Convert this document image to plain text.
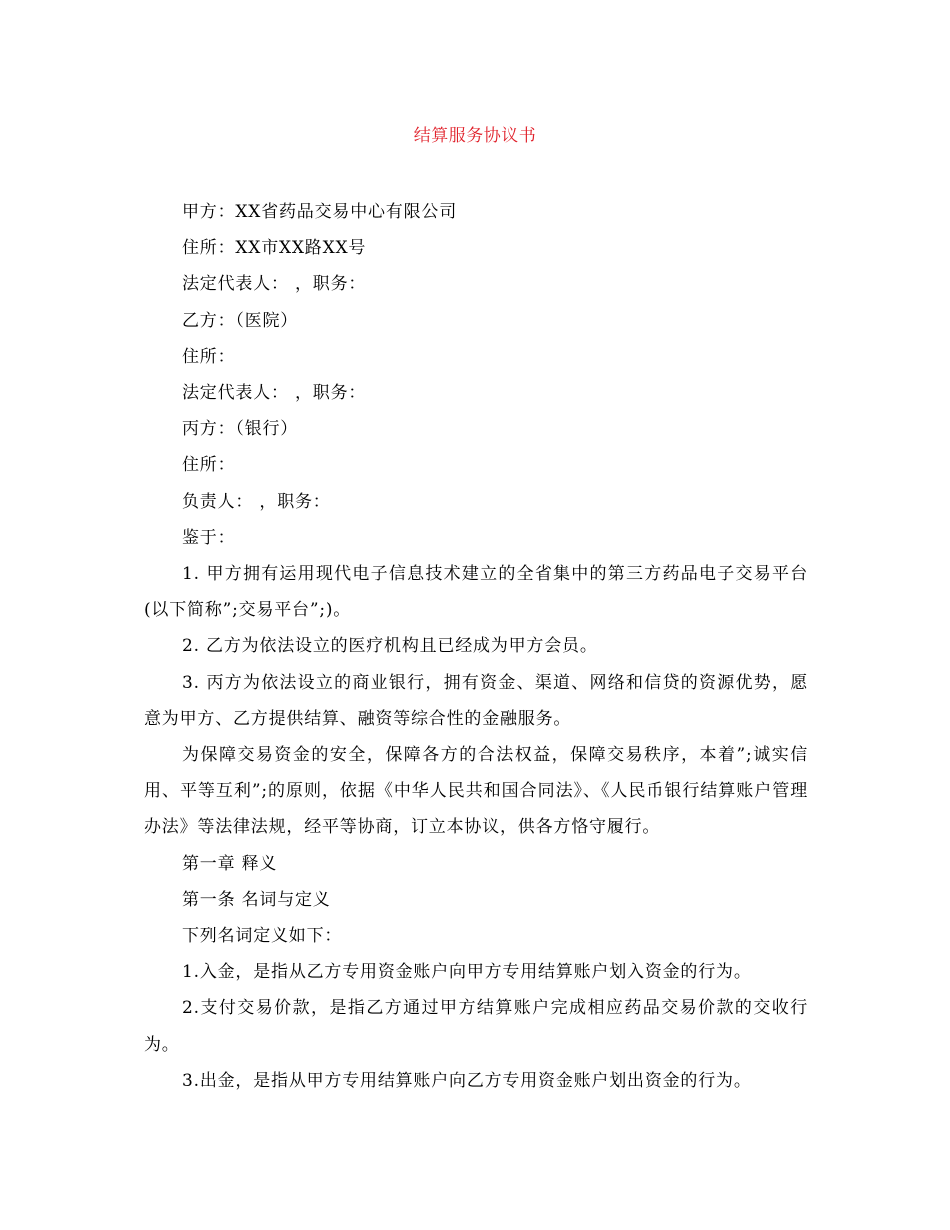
结算服务协议书

甲方：XX省药品交易中心有限公司

住所：XX市XX路XX号

法定代表人： ，职务：

乙方：（医院）

住所：

法定代表人： ，职务：

丙方：（银行）

住所：

负责人： ，职务：

鉴于：

1. 甲方拥有运用现代电子信息技术建立的全省集中的第三方药品电子交易平台(以下简称”;交易平台”;)。

2. 乙方为依法设立的医疗机构且已经成为甲方会员。

3. 丙方为依法设立的商业银行，拥有资金、渠道、网络和信贷的资源优势，愿意为甲方、乙方提供结算、融资等综合性的金融服务。

为保障交易资金的安全，保障各方的合法权益，保障交易秩序，本着”;诚实信用、平等互利”;的原则，依据《中华人民共和国合同法》、《人民币银行结算账户管理办法》等法律法规，经平等协商，订立本协议，供各方恪守履行。

第一章 释义

第一条 名词与定义

下列名词定义如下：

1.入金，是指从乙方专用资金账户向甲方专用结算账户划入资金的行为。

2.支付交易价款，是指乙方通过甲方结算账户完成相应药品交易价款的交收行为。

3.出金，是指从甲方专用结算账户向乙方专用资金账户划出资金的行为。
